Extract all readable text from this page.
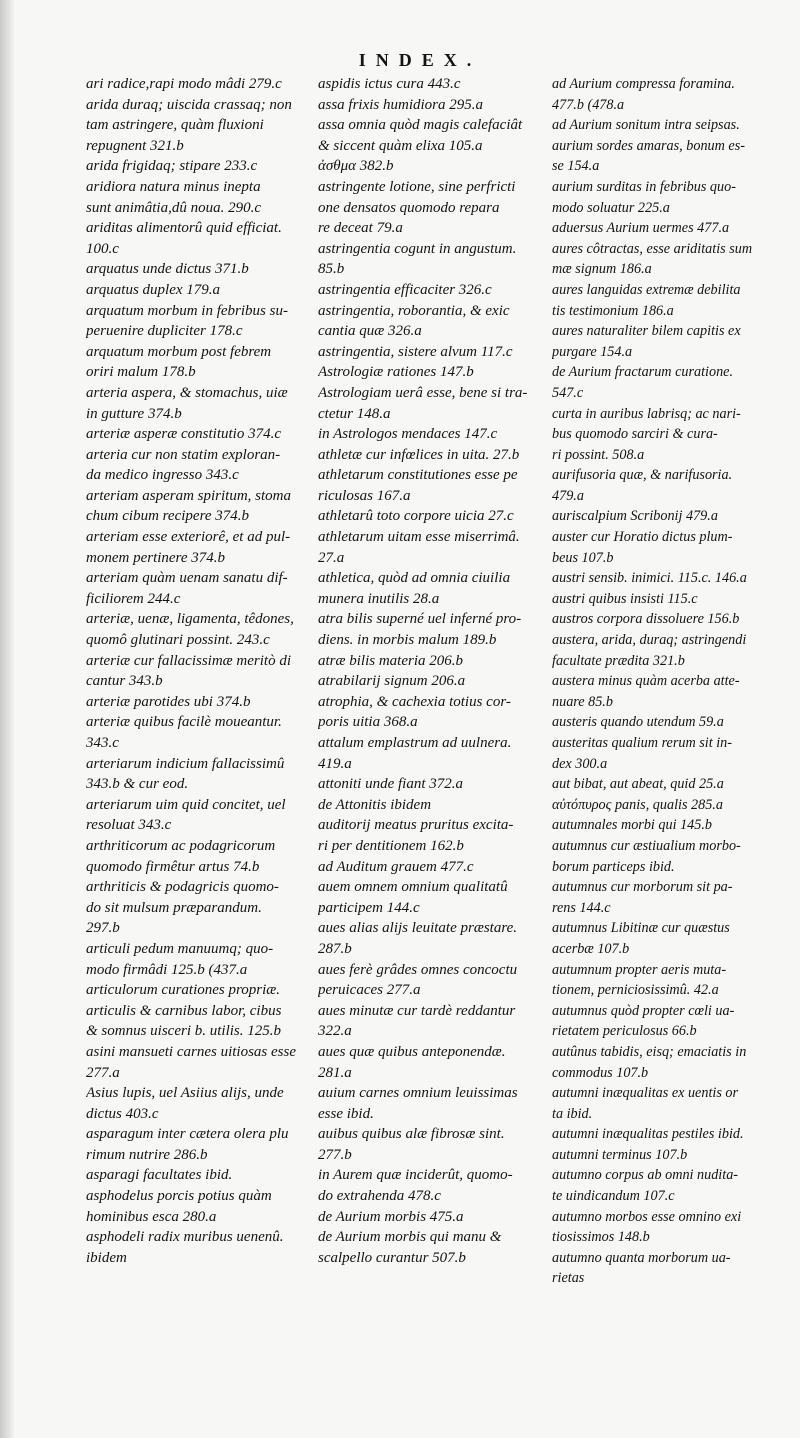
INDEX.
ari radice,rapi modo mâdi 279.c
arida duraq; uiscida crassaq; non
tam astringere, quàm fluxioni
repugnent 321.b
arida frigidaq; stipare 233.c
aridiora natura minus inepta
sunt animâtia,dû noua. 290.c
ariditas alimentorû quid efficiat.
100.c
arquatus unde dictus 371.b
arquatus duplex 179.a
arquatum morbum in febribus su-
peruenire dupliciter 178.c
arquatum morbum post febrem
oriri malum 178.b
arteria aspera, & stomachus, uiæ
in gutture 374.b
arteriæ asperæ constitutio 374.c
arteria cur non statim exploran-
da medico ingresso 343.c
arteriam asperam spiritum, stoma
chum cibum recipere 374.b
arteriam esse exteriorê, et ad pul-
monem pertinere 374.b
arteriam quàm uenam sanatu dif-
ficiliorem 244.c
arteriæ, uenæ, ligamenta, têdones,
quomô glutinari possint. 243.c
arteriæ cur fallacissimæ meritò di
cantur 343.b
arteriæ parotides ubi 374.b
arteriæ quibus facilè moueantur.
343.c
arteriarum indicium fallacissimû
343.b & cur eod.
arteriarum uim quid concitet, uel
resoluat 343.c
arthriticorum ac podagricorum
quomodo firmêtur artus 74.b
arthriticis & podagricis quomo-
do sit mulsum præparandum.
297.b
articuli pedum manuumq; quo-
modo firmâdi 125.b (437.a
articulorum curationes propriæ.
articulis & carnibus labor, cibus
& somnus uisceri b. utilis. 125.b
asini mansueti carnes uitiosas esse
277.a
Asius lupis, uel Asiius alijs, unde
dictus 403.c
asparagum inter cætera olera plu
rimum nutrire 286.b
asparagi facultates ibid.
asphodelus porcis potius quàm
hominibus esca 280.a
asphodeli radix muribus uenenû.
ibidem
aspidis ictus cura 443.c
assa frixis humidiora 295.a
assa omnia quòd magis calefaciât
& siccent quàm elixa 105.a
ἀσθμα 382.b
astringente lotione, sine perfricti
one densatos quomodo repara
re deceat 79.a
astringentia cogunt in angustum.
85.b
astringentia efficaciter 326.c
astringentia, roborantia, & exic
cantia quæ 326.a
astringentia, sistere alvum 117.c
Astrologiæ rationes 147.b
Astrologiam uerâ esse, bene si tra-
ctetur 148.a
in Astrologos mendaces 147.c
athletæ cur infœlices in uita. 27.b
athletarum constitutiones esse pe
riculosas 167.a
athletarû toto corpore uicia 27.c
athletarum uitam esse miserrimâ.
27.a
athletica, quòd ad omnia ciuilia
munera inutilis 28.a
atra bilis superné uel inferné pro-
diens. in morbis malum 189.b
atræ bilis materia 206.b
atrabilarij signum 206.a
atrophia, & cachexia totius cor-
poris uitia 368.a
attalum emplastrum ad uulnera.
419.a
attoniti unde fiant 372.a
de Attonitis ibidem
auditorij meatus pruritus excita-
ri per dentitionem 162.b
ad Auditum grauem 477.c
auem omnem omnium qualitatû
participem 144.c
aues alias alijs leuitate præstare.
287.b
aues ferè grâdes omnes concoctu
peruicaces 277.a
aues minutæ cur tardè reddantur
322.a
aues quæ quibus anteponendæ.
281.a
auium carnes omnium leuissimas
esse ibid.
auibus quibus alæ fibrosæ sint.
277.b
in Aurem quæ inciderût, quomo-
do extrahenda 478.c
de Aurium morbis 475.a
de Aurium morbis qui manu &
scalpello curantur 507.b
ad Aurium compressa foramina.
477.b (478.a
ad Aurium sonitum intra seipsas.
aurium sordes amaras, bonum es-
se 154.a
aurium surditas in febribus quo-
modo soluatur 225.a
aduersus Aurium uermes 477.a
aures côtractas, esse ariditatis sum
mæ signum 186.a
aures languidas extremæ debilita
tis testimonium 186.a
aures naturaliter bilem capitis ex
purgare 154.a
de Aurium fractarum curatione.
547.c
curta in auribus labrisq; ac nari-
bus quomodo sarciri & cura-
ri possint. 508.a
aurifusoria quæ, & narifusoria.
479.a
auriscalpium Scribonij 479.a
auster cur Horatio dictus plum-
beus 107.b
austri sensib. inimici. 115.c. 146.a
austri quibus insisti 115.c
austros corpora dissoluere 156.b
austera, arida, duraq; astringendi
facultate prædita 321.b
austera minus quàm acerba atte-
nuare 85.b
austeris quando utendum 59.a
austeritas qualium rerum sit in-
dex 300.a
aut bibat, aut abeat, quid 25.a
αὐτόπυρος panis, qualis 285.a
autumnales morbi qui 145.b
autumnus cur æstiualium morbo-
borum particeps ibid.
autumnus cur morborum sit pa-
rens 144.c
autumnus Libitinæ cur quæstus
acerbæ 107.b
autumnum propter aeris muta-
tionem, perniciosissimû. 42.a
autumnus quòd propter cœli ua-
rietatem periculosus 66.b
autûnus tabidis, eisq; emaciatis in
commodus 107.b
autumni inæqualitas ex uentis or
ta ibid.
autumni inæqualitas pestiles ibid.
autumni terminus 107.b
autumno corpus ab omni nudita-
te uindicandum 107.c
autumno morbos esse omnino exi
tiosissimos 148.b
autumno quanta morborum ua-
rietas
